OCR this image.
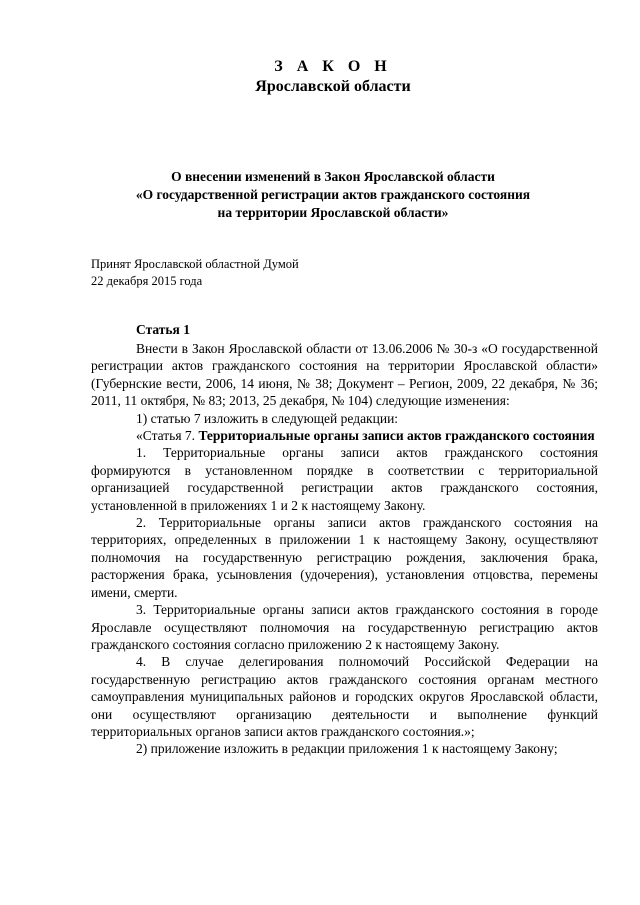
З А К О Н
Ярославской области
О внесении изменений в Закон Ярославской области
«О государственной регистрации актов гражданского состояния
на территории Ярославской области»
Принят Ярославской областной Думой
22 декабря 2015 года
Статья 1

Внести в Закон Ярославской области от 13.06.2006 № 30-з «О государственной регистрации актов гражданского состояния на территории Ярославской области» (Губернские вести, 2006, 14 июня, № 38; Документ – Регион, 2009, 22 декабря, № 36; 2011, 11 октября, № 83; 2013, 25 декабря, № 104) следующие изменения:

1) статью 7 изложить в следующей редакции:

«Статья 7. Территориальные органы записи актов гражданского состояния

1. Территориальные органы записи актов гражданского состояния формируются в установленном порядке в соответствии с территориальной организацией государственной регистрации актов гражданского состояния, установленной в приложениях 1 и 2 к настоящему Закону.

2. Территориальные органы записи актов гражданского состояния на территориях, определенных в приложении 1 к настоящему Закону, осуществляют полномочия на государственную регистрацию рождения, заключения брака, расторжения брака, усыновления (удочерения), установления отцовства, перемены имени, смерти.

3. Территориальные органы записи актов гражданского состояния в городе Ярославле осуществляют полномочия на государственную регистрацию актов гражданского состояния согласно приложению 2 к настоящему Закону.

4. В случае делегирования полномочий Российской Федерации на государственную регистрацию актов гражданского состояния органам местного самоуправления муниципальных районов и городских округов Ярославской области, они осуществляют организацию деятельности и выполнение функций территориальных органов записи актов гражданского состояния.»;

2) приложение изложить в редакции приложения 1 к настоящему Закону;
